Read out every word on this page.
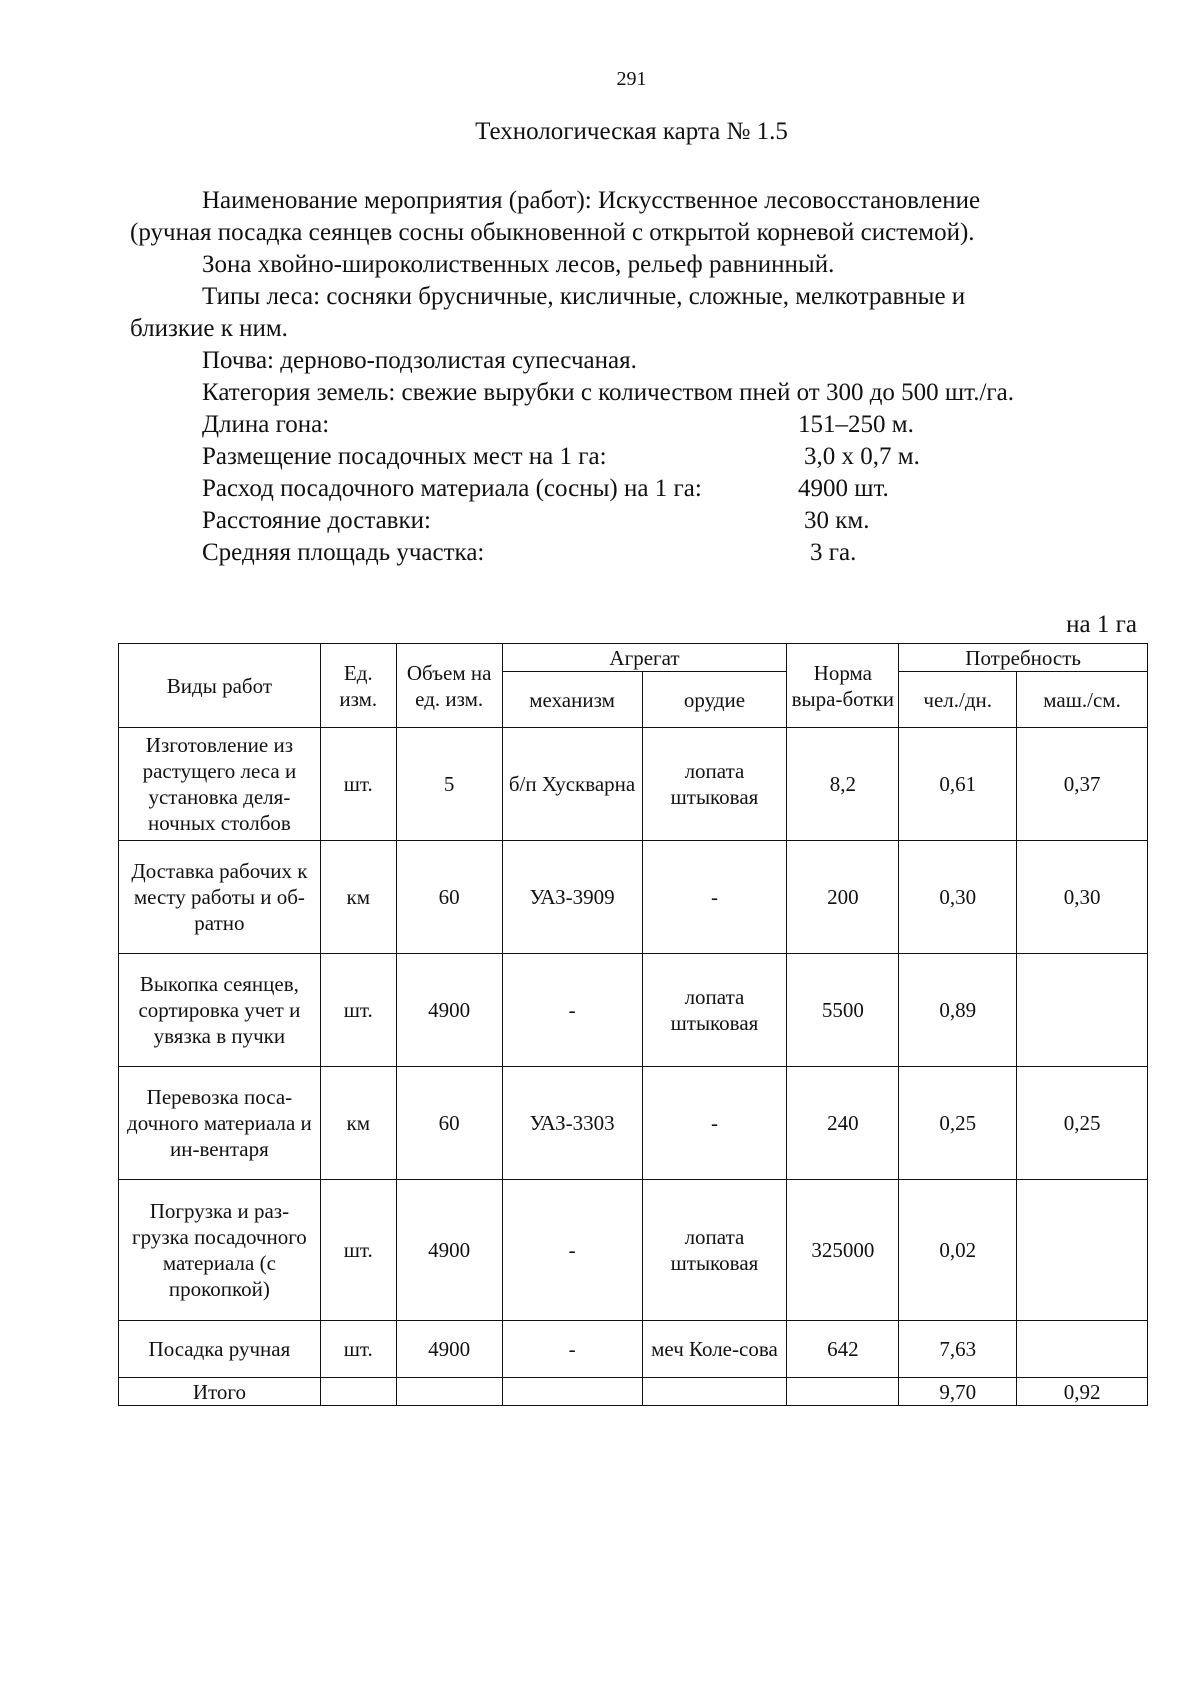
291
Технологическая карта № 1.5

Наименование мероприятия (работ): Искусственное лесовосстановление

(ручная посадка сеянцев сосны обыкновенной с открытой корневой системой).

Зона хвойно-широколиственных лесов, рельеф равнинный.

Типы леса: сосняки брусничные, кисличные, сложные, мелкотравные и

близкие к ним.

Почва: дерново-подзолистая супесчаная.

Категория земель: свежие вырубки с количеством пней от 300 до 500 шт./га.

Длина гона:	151–250 м.
Размещение посадочных мест на 1 га:	3,0 х 0,7 м.
Расход посадочного материала (сосны) на 1 га:	4900 шт.
Расстояние доставки:	30 км.
Средняя площадь участка:	3 га.
на 1 га
Виды работ	Ед. изм.	Объем на ед. изм.	Агрегат		Норма выра-ботки	Потребность	
			механизм	орудие		чел./дн.	маш./см.
Изготовление из растущего леса и установка деля-ночных столбов	шт.	5	б/п Хускварна	лопата штыковая	8,2	0,61	0,37
Доставка рабочих к месту работы и об-ратно	км	60	УАЗ-3909	-	200	0,30	0,30
Выкопка сеянцев, сортировка учет и увязка в пучки	шт.	4900	-	лопата штыковая	5500	0,89	
Перевозка поса-дочного материала и ин-вентаря	км	60	УАЗ-3303	-	240	0,25	0,25
Погрузка и раз-грузка посадочного материала (с прокопкой)	шт.	4900	-	лопата штыковая	325000	0,02	
Посадка ручная	шт.	4900	-	меч Коле-сова	642	7,63	
Итого						9,70	0,92
